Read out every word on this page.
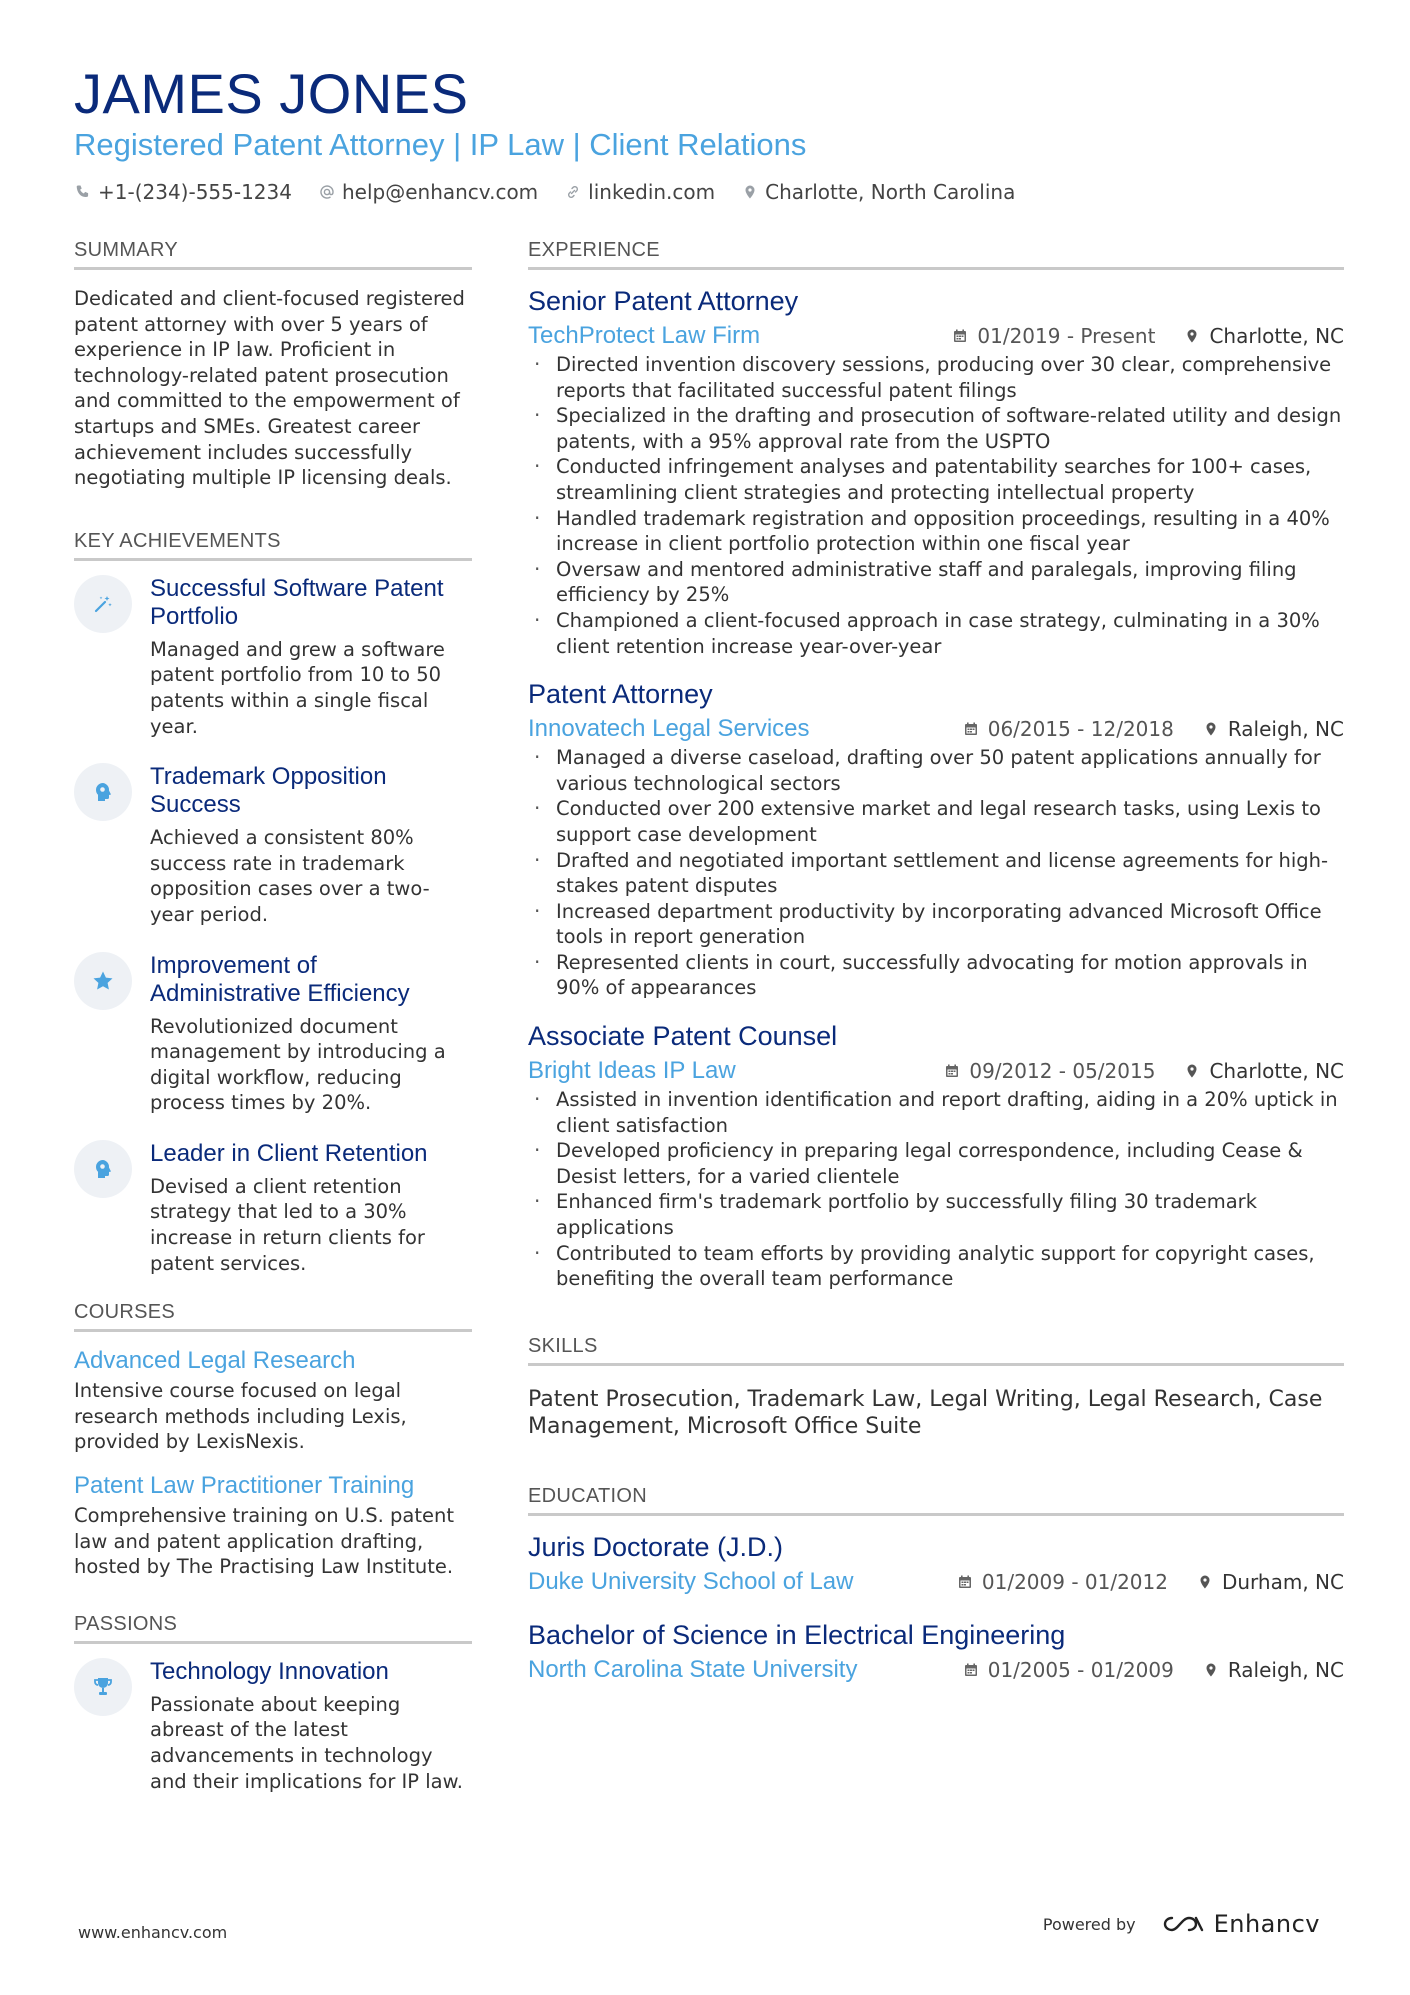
JAMES JONES
Registered Patent Attorney | IP Law | Client Relations
+1-(234)-555-1234	help@enhancv.com	linkedin.com	Charlotte, North Carolina
SUMMARY
Dedicated and client-focused registered patent attorney with over 5 years of experience in IP law. Proficient in technology-related patent prosecution and committed to the empowerment of startups and SMEs. Greatest career achievement includes successfully negotiating multiple IP licensing deals.
KEY ACHIEVEMENTS
Successful Software Patent Portfolio
Managed and grew a software patent portfolio from 10 to 50 patents within a single fiscal year.
Trademark Opposition Success
Achieved a consistent 80% success rate in trademark opposition cases over a two-year period.
Improvement of Administrative Efficiency
Revolutionized document management by introducing a digital workflow, reducing process times by 20%.
Leader in Client Retention
Devised a client retention strategy that led to a 30% increase in return clients for patent services.
COURSES
Advanced Legal Research
Intensive course focused on legal research methods including Lexis, provided by LexisNexis.
Patent Law Practitioner Training
Comprehensive training on U.S. patent law and patent application drafting, hosted by The Practising Law Institute.
PASSIONS
Technology Innovation
Passionate about keeping abreast of the latest advancements in technology and their implications for IP law.
EXPERIENCE
Senior Patent Attorney
TechProtect Law Firm	01/2019 - Present	Charlotte, NC
· Directed invention discovery sessions, producing over 30 clear, comprehensive reports that facilitated successful patent filings
· Specialized in the drafting and prosecution of software-related utility and design patents, with a 95% approval rate from the USPTO
· Conducted infringement analyses and patentability searches for 100+ cases, streamlining client strategies and protecting intellectual property
· Handled trademark registration and opposition proceedings, resulting in a 40% increase in client portfolio protection within one fiscal year
· Oversaw and mentored administrative staff and paralegals, improving filing efficiency by 25%
· Championed a client-focused approach in case strategy, culminating in a 30% client retention increase year-over-year
Patent Attorney
Innovatech Legal Services	06/2015 - 12/2018	Raleigh, NC
· Managed a diverse caseload, drafting over 50 patent applications annually for various technological sectors
· Conducted over 200 extensive market and legal research tasks, using Lexis to support case development
· Drafted and negotiated important settlement and license agreements for high-stakes patent disputes
· Increased department productivity by incorporating advanced Microsoft Office tools in report generation
· Represented clients in court, successfully advocating for motion approvals in 90% of appearances
Associate Patent Counsel
Bright Ideas IP Law	09/2012 - 05/2015	Charlotte, NC
· Assisted in invention identification and report drafting, aiding in a 20% uptick in client satisfaction
· Developed proficiency in preparing legal correspondence, including Cease & Desist letters, for a varied clientele
· Enhanced firm's trademark portfolio by successfully filing 30 trademark applications
· Contributed to team efforts by providing analytic support for copyright cases, benefiting the overall team performance
SKILLS
Patent Prosecution, Trademark Law, Legal Writing, Legal Research, Case Management, Microsoft Office Suite
EDUCATION
Juris Doctorate (J.D.)
Duke University School of Law	01/2009 - 01/2012	Durham, NC
Bachelor of Science in Electrical Engineering
North Carolina State University	01/2005 - 01/2009	Raleigh, NC
www.enhancv.com	Powered by	Enhancv
